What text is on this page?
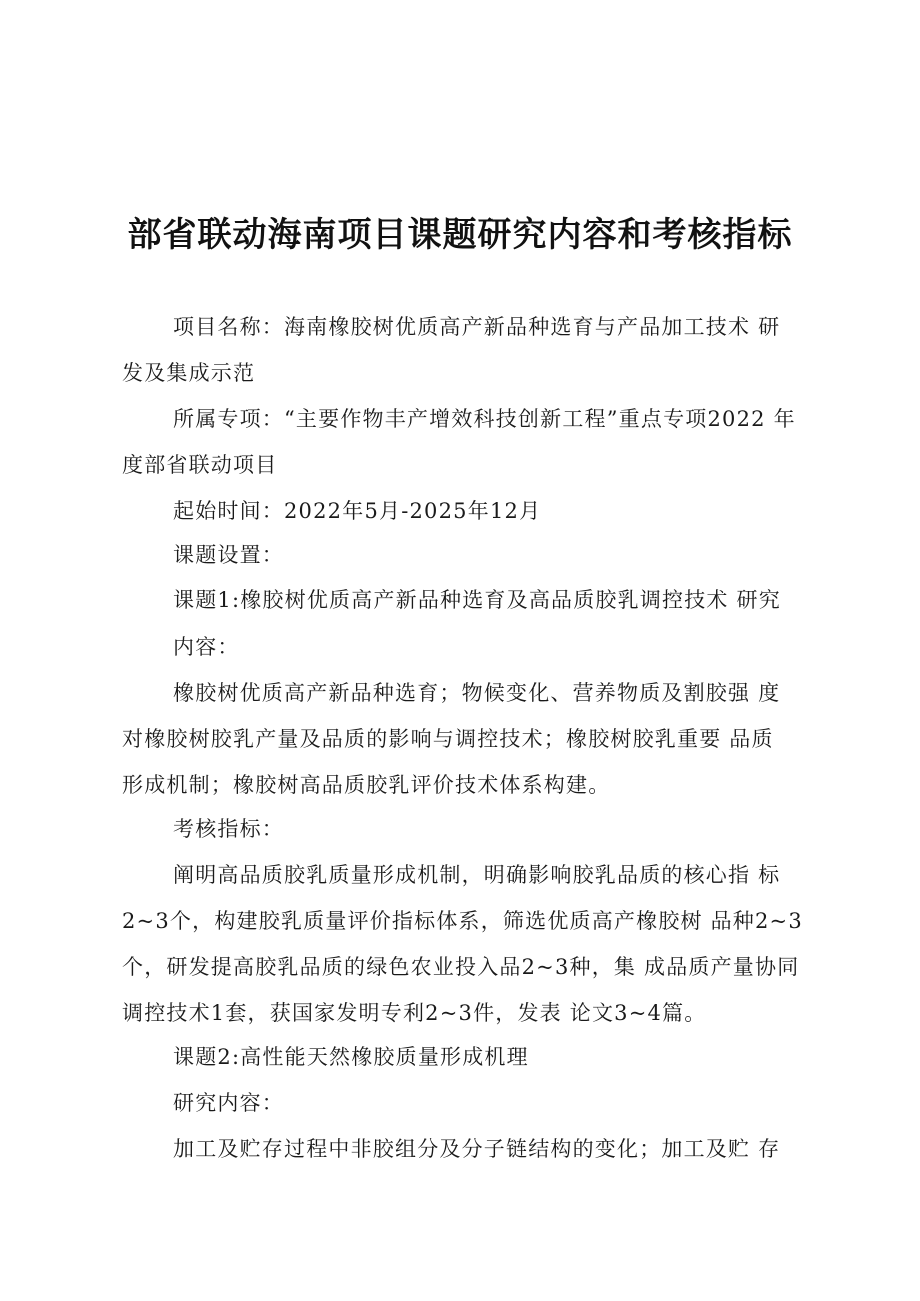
部省联动海南项目课题研究内容和考核指标
项目名称：海南橡胶树优质高产新品种选育与产品加工技术 研
发及集成示范
所属专项：“主要作物丰产增效科技创新工程”重点专项2022 年
度部省联动项目
起始时间：2022年5月-2025年12月
课题设置：
课题1:橡胶树优质高产新品种选育及高品质胶乳调控技术 研究
内容：
橡胶树优质高产新品种选育；物候变化、营养物质及割胶强 度
对橡胶树胶乳产量及品质的影响与调控技术；橡胶树胶乳重要 品质
形成机制；橡胶树高品质胶乳评价技术体系构建。
考核指标：
阐明高品质胶乳质量形成机制，明确影响胶乳品质的核心指 标
2~3个，构建胶乳质量评价指标体系，筛选优质高产橡胶树 品种2~3
个，研发提高胶乳品质的绿色农业投入品2~3种，集 成品质产量协同
调控技术1套，获国家发明专利2~3件，发表 论文3~4篇。
课题2:高性能天然橡胶质量形成机理
研究内容：
加工及贮存过程中非胶组分及分子链结构的变化；加工及贮 存
